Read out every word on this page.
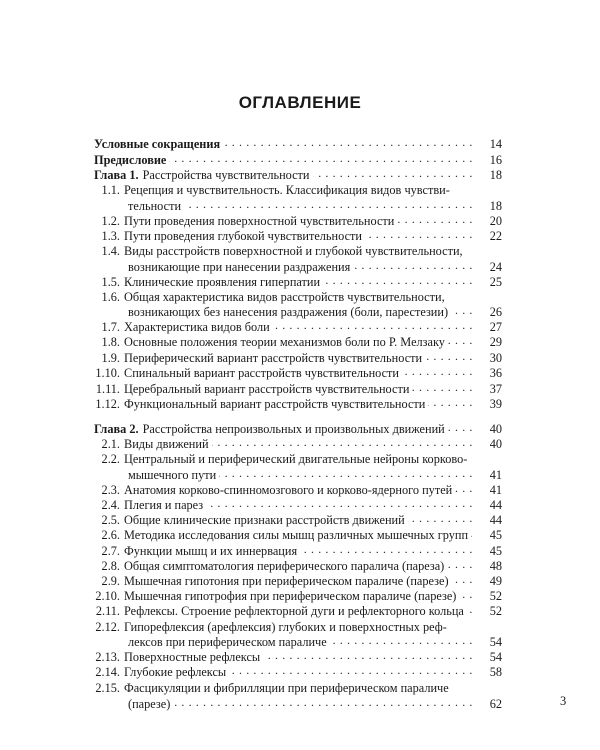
ОГЛАВЛЕНИЕ
Условные сокращения . . .	14
Предисловие . . .	16
Глава 1. Расстройства чувствительности . . .	18
1.1. Рецепция и чувствительность. Классификация видов чувстви-
тельности . . .	18
1.2. Пути проведения поверхностной чувствительности . . .	20
1.3. Пути проведения глубокой чувствительности . . .	22
1.4. Виды расстройств поверхностной и глубокой чувствительности,
возникающие при нанесении раздражения . . .	24
1.5. Клинические проявления гиперпатии . . .	25
1.6. Общая характеристика видов расстройств чувствительности,
возникающих без нанесения раздражения (боли, парестезии) . . .	26
1.7. Характеристика видов боли . . .	27
1.8. Основные положения теории механизмов боли по Р. Мелзаку . . .	29
1.9. Периферический вариант расстройств чувствительности . . .	30
1.10. Спинальный вариант расстройств чувствительности . . .	36
1.11. Церебральный вариант расстройств чувствительности . . .	37
1.12. Функциональный вариант расстройств чувствительности . . .	39
Глава 2. Расстройства непроизвольных и произвольных движений . . .	40
2.1. Виды движений . . .	40
2.2. Центральный и периферический двигательные нейроны корково-
мышечного пути . . .	41
2.3. Анатомия корково-спинномозгового и корково-ядерного путей . . .	41
2.4. Плегия и парез . . .	44
2.5. Общие клинические признаки расстройств движений . . .	44
2.6. Методика исследования силы мышц различных мышечных групп . . .	45
2.7. Функции мышц и их иннервация . . .	45
2.8. Общая симптоматология периферического паралича (пареза) . . .	48
2.9. Мышечная гипотония при периферическом параличе (парезе) . . .	49
2.10. Мышечная гипотрофия при периферическом параличе (парезе) . . .	52
2.11. Рефлексы. Строение рефлекторной дуги и рефлекторного кольца . . .	52
2.12. Гипорефлексия (арефлексия) глубоких и поверхностных реф-
лексов при периферическом параличе . . .	54
2.13. Поверхностные рефлексы . . .	54
2.14. Глубокие рефлексы . . .	58
2.15. Фасцикуляции и фибрилляции при периферическом параличе
(парезе) . . .	62	3
